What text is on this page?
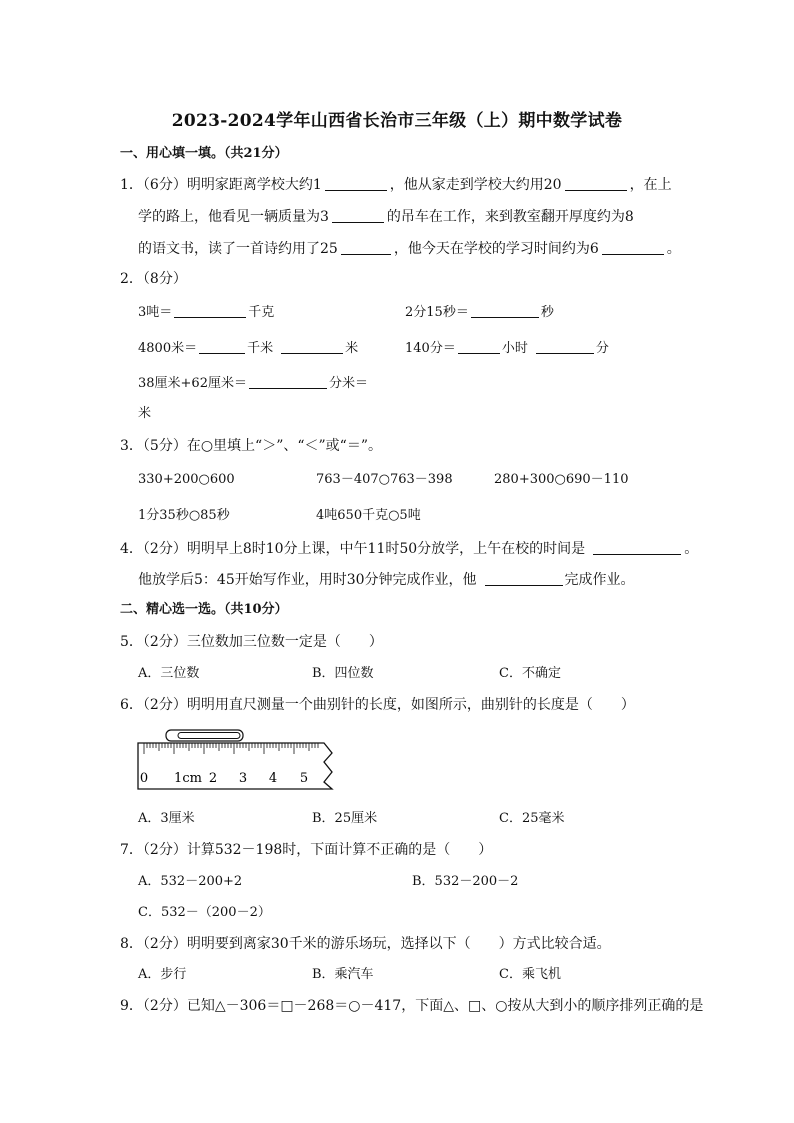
2023-2024学年山西省长治市三年级（上）期中数学试卷
一、用心填一填。（共21分）
1．（6分）明明家距离学校大约1	，他从家走到学校大约用20	，在上
学的路上，他看见一辆质量为3	的吊车在工作，来到教室翻开厚度约为8
的语文书，读了一首诗约用了25	，他今天在学校的学习时间约为6	。
2．（8分）
3吨＝	千克	2分15秒＝	秒
4800米＝	千米	米	140分＝	小时	分
38厘米+62厘米＝	分米＝
米
3．（5分）在○里填上“＞”、“＜”或“＝”。
330+200○600	763－407○763－398	280+300○690－110
1分35秒○85秒	4吨650千克○5吨
4．（2分）明明早上8时10分上课，中午11时50分放学，上午在校的时间是	。
他放学后5：45开始写作业，用时30分钟完成作业，他	完成作业。
二、精心选一选。（共10分）
5．（2分）三位数加三位数一定是（　　）
A．三位数	B．四位数	C．不确定
6．（2分）明明用直尺测量一个曲别针的长度，如图所示，曲别针的长度是（　　）
0 1cm 2 3 4 5
A．3厘米	B．25厘米	C．25毫米
7．（2分）计算532－198时，下面计算不正确的是（　　）
A．532－200+2	B．532－200－2
C．532－（200－2）
8．（2分）明明要到离家30千米的游乐场玩，选择以下（　　）方式比较合适。
A．步行	B．乘汽车	C．乘飞机
9．（2分）已知△－306＝□－268＝○－417，下面△、□、○按从大到小的顺序排列正确的是
